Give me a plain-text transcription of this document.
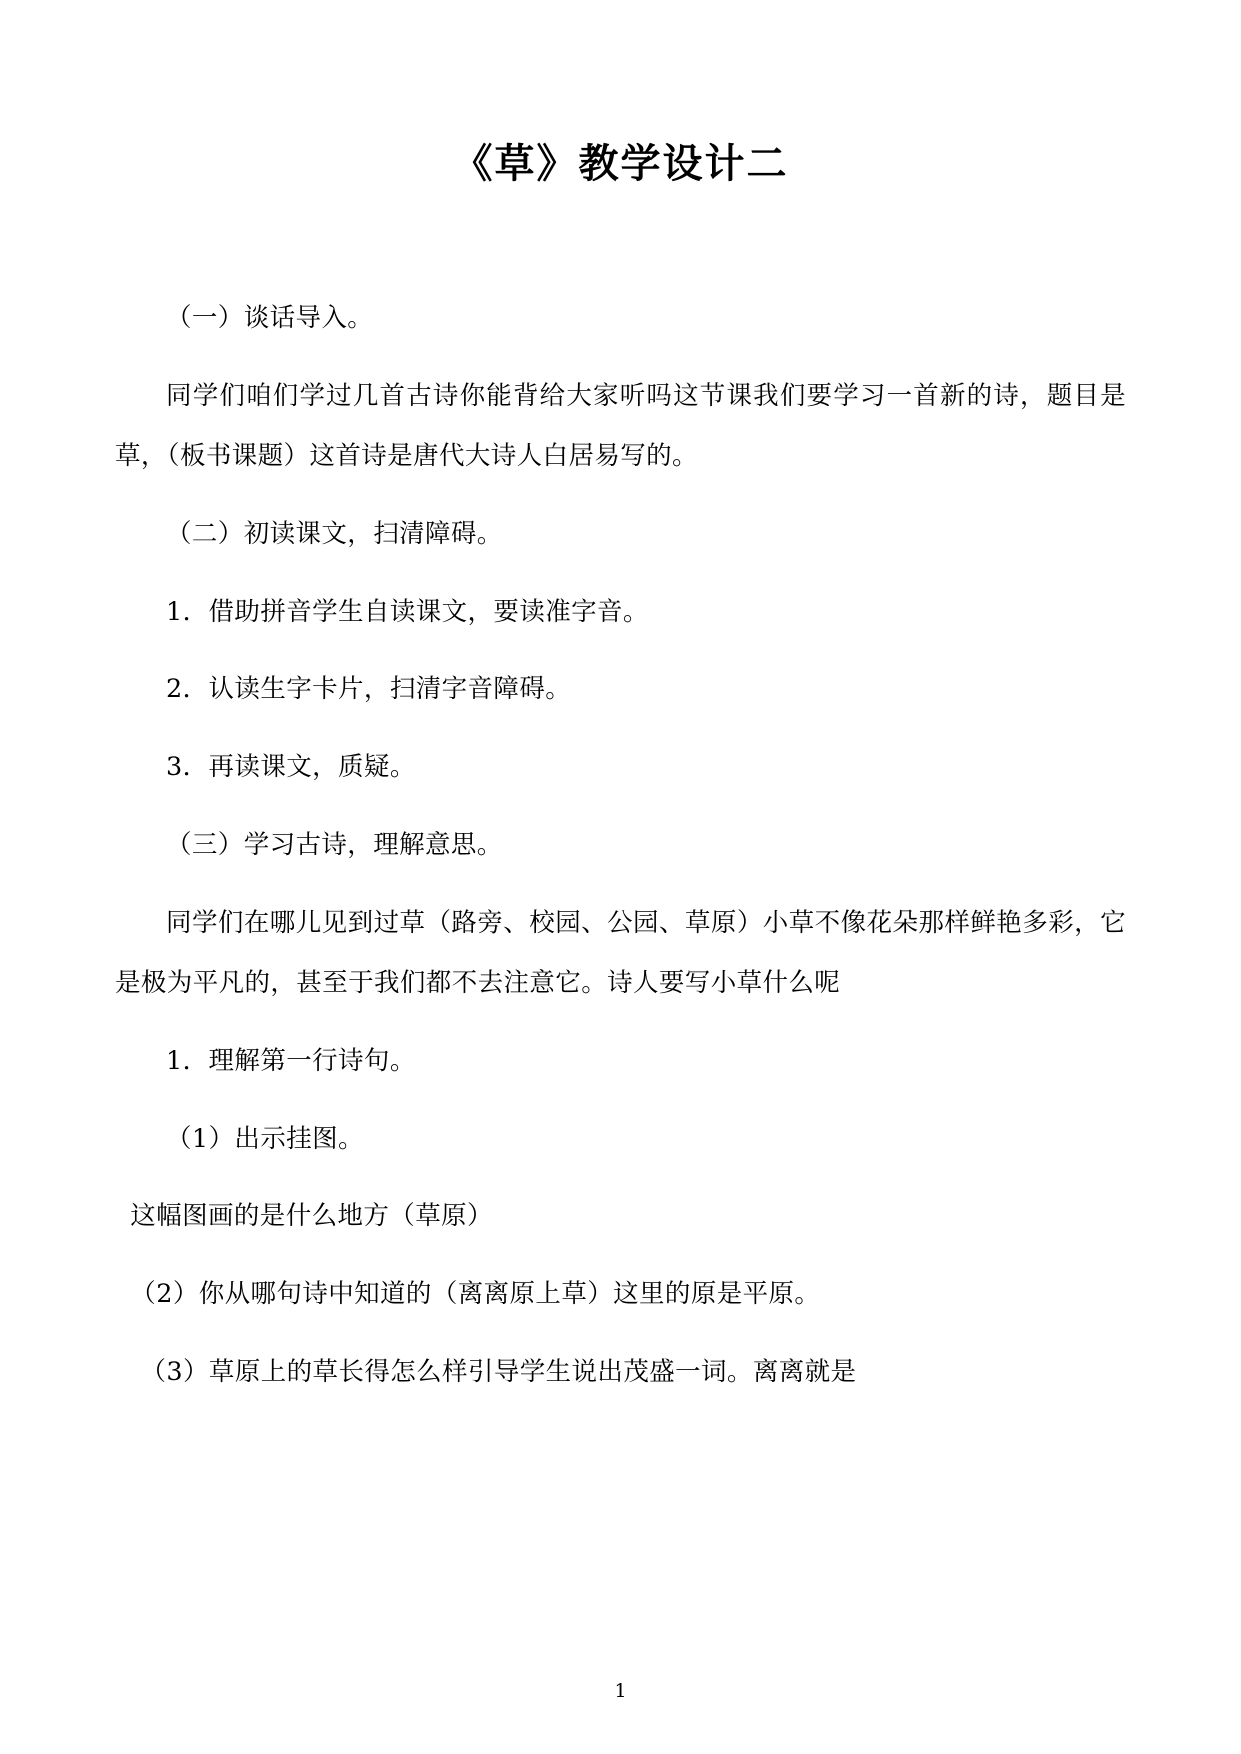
《草》教学设计二

（一）谈话导入。

同学们咱们学过几首古诗你能背给大家听吗这节课我们要学习一首新的诗，题目是草，（板书课题）这首诗是唐代大诗人白居易写的。

（二）初读课文，扫清障碍。

1．借助拼音学生自读课文，要读准字音。

2．认读生字卡片，扫清字音障碍。

3．再读课文，质疑。

（三）学习古诗，理解意思。

同学们在哪儿见到过草（路旁、校园、公园、草原）小草不像花朵那样鲜艳多彩，它是极为平凡的，甚至于我们都不去注意它。诗人要写小草什么呢

1．理解第一行诗句。

（1）出示挂图。

这幅图画的是什么地方（草原）

（2）你从哪句诗中知道的（离离原上草）这里的原是平原。

（3）草原上的草长得怎么样引导学生说出茂盛一词。离离就是

1
